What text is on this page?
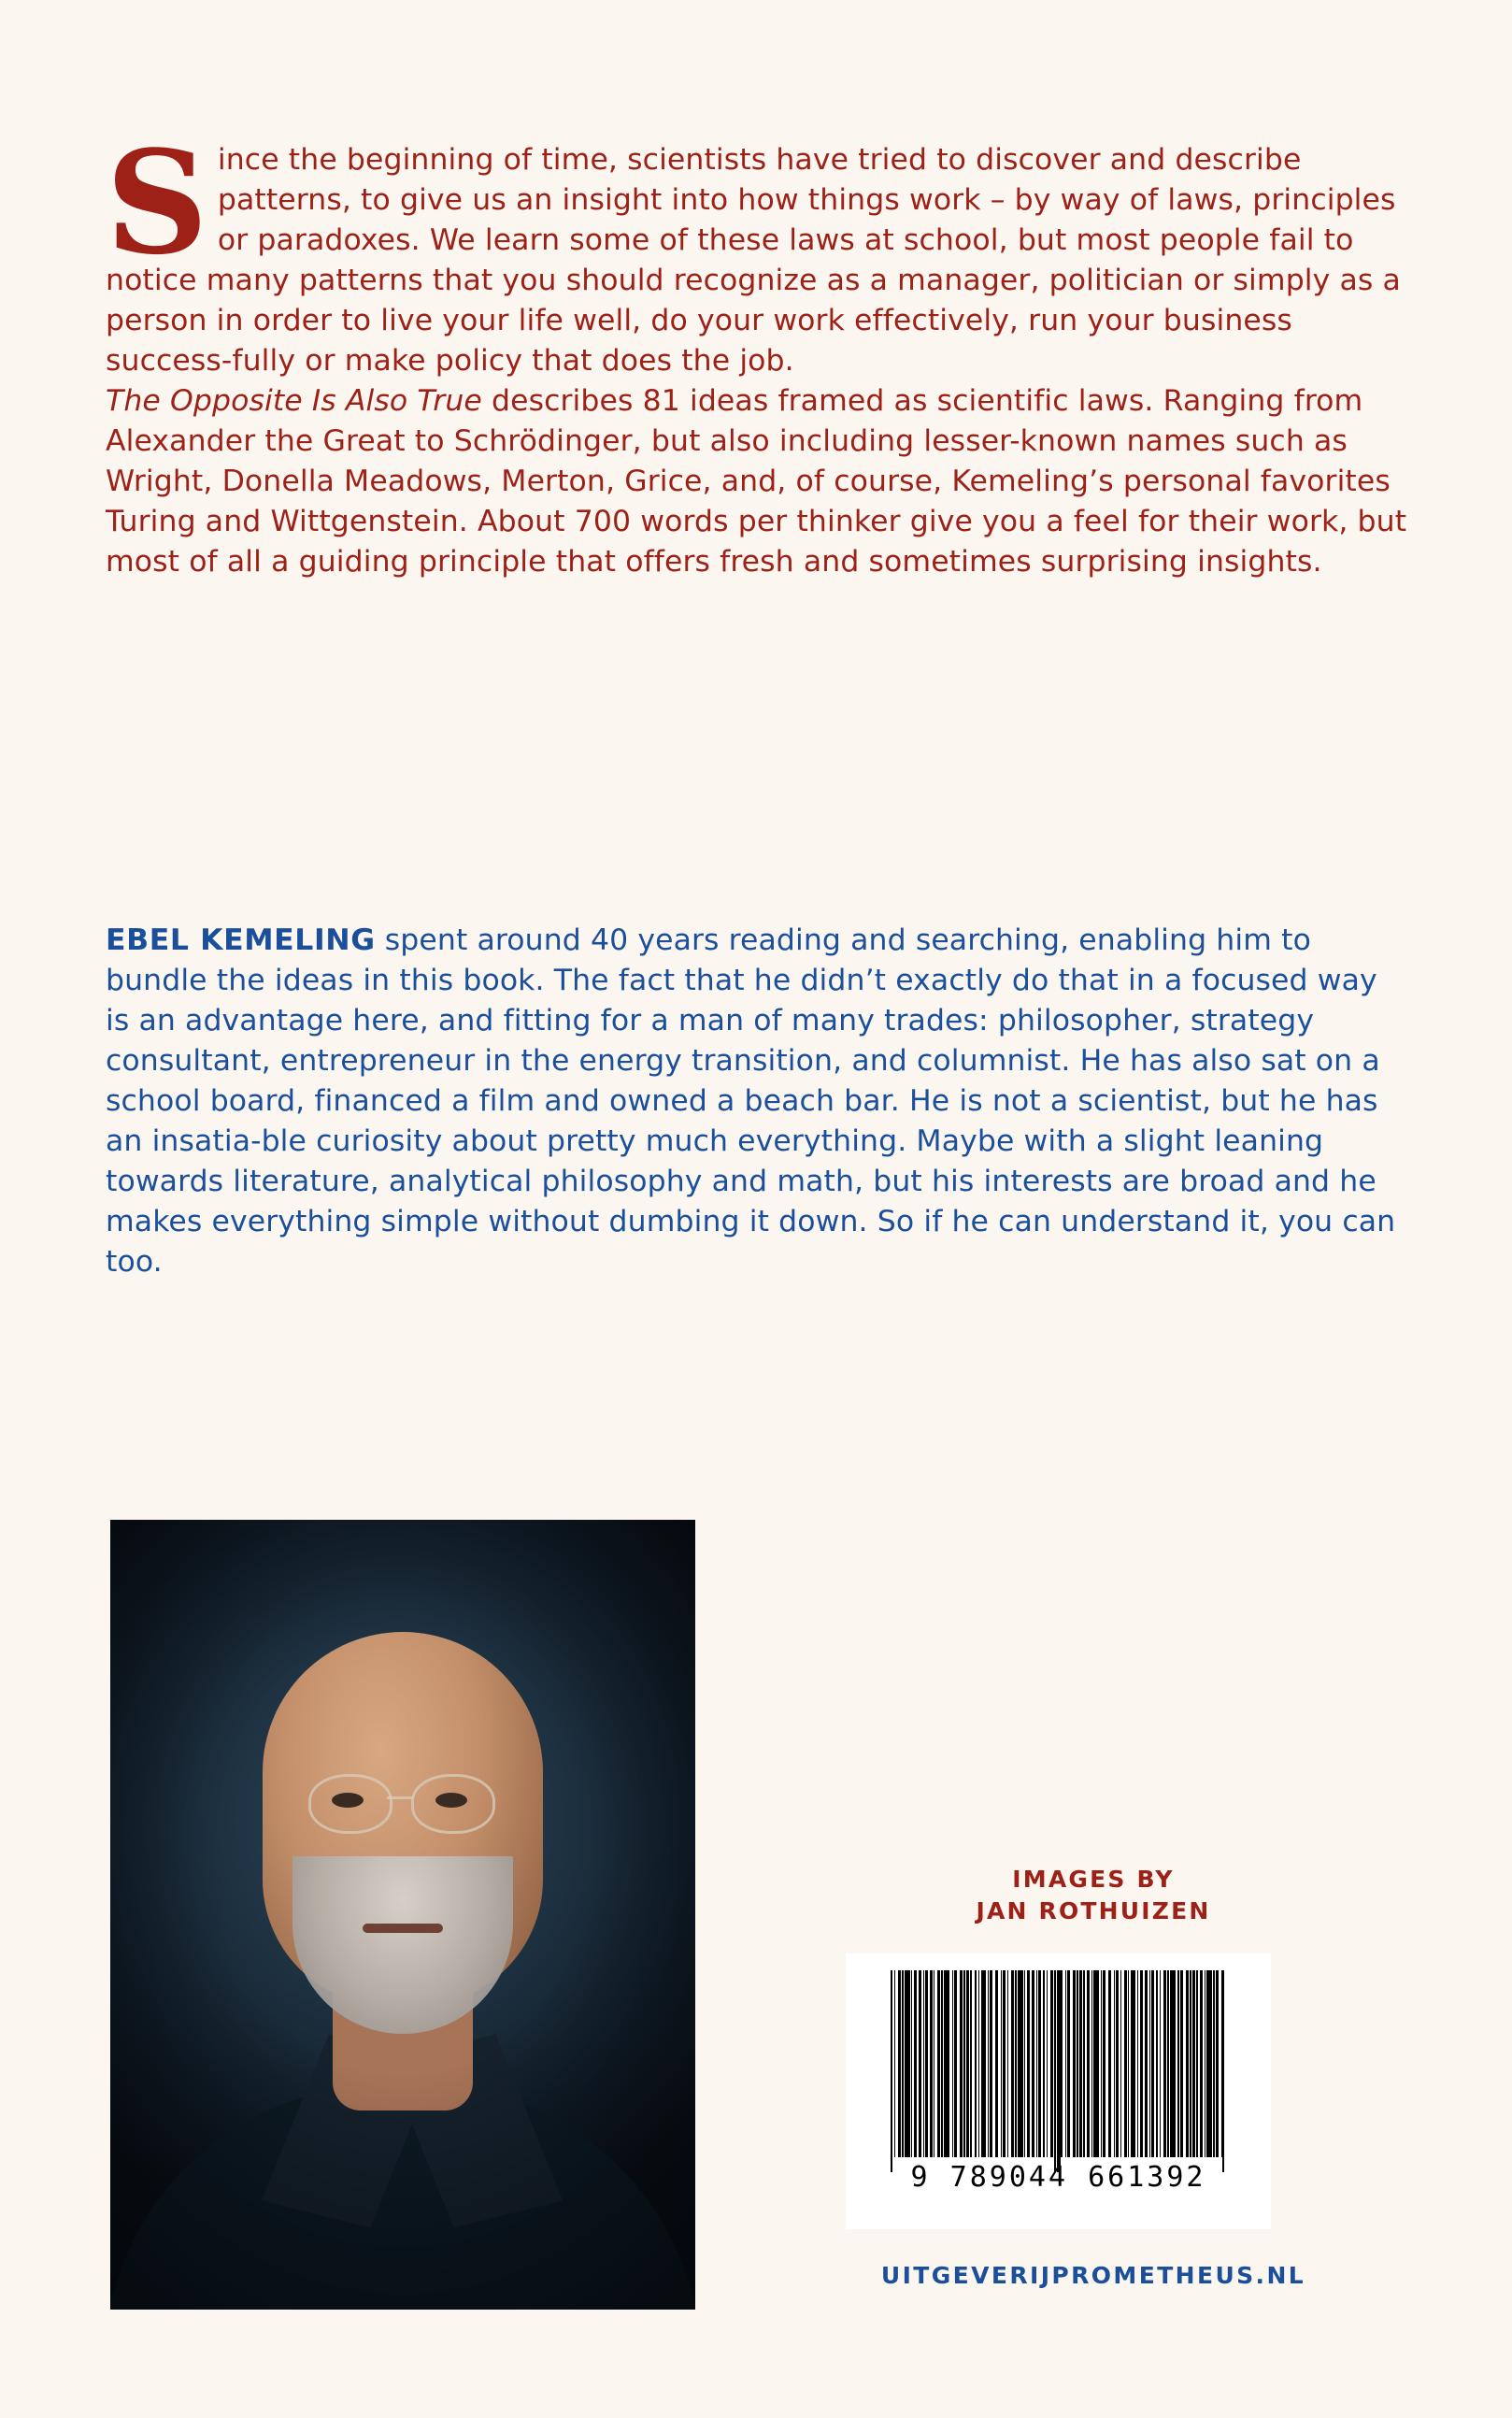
Since the beginning of time, scientists have tried to discover and describe patterns, to give us an insight into how things work – by way of laws, principles or paradoxes. We learn some of these laws at school, but most people fail to notice many patterns that you should recognize as a manager, politician or simply as a person in order to live your life well, do your work effectively, run your business success-fully or make policy that does the job.

The Opposite Is Also True describes 81 ideas framed as scientific laws. Ranging from Alexander the Great to Schrödinger, but also including lesser-known names such as Wright, Donella Meadows, Merton, Grice, and, of course, Kemeling’s personal favorites Turing and Wittgenstein. About 700 words per thinker give you a feel for their work, but most of all a guiding principle that offers fresh and sometimes surprising insights.

EBEL KEMELING spent around 40 years reading and searching, enabling him to bundle the ideas in this book. The fact that he didn’t exactly do that in a focused way is an advantage here, and fitting for a man of many trades: philosopher, strategy consultant, entrepreneur in the energy transition, and columnist. He has also sat on a school board, financed a film and owned a beach bar. He is not a scientist, but he has an insatia-ble curiosity about pretty much everything. Maybe with a slight leaning towards literature, analytical philosophy and math, but his interests are broad and he makes everything simple without dumbing it down. So if he can understand it, you can too.

IMAGES BY
JAN ROTHUIZEN
9 789044 661392
UITGEVERIJPROMETHEUS.NL
